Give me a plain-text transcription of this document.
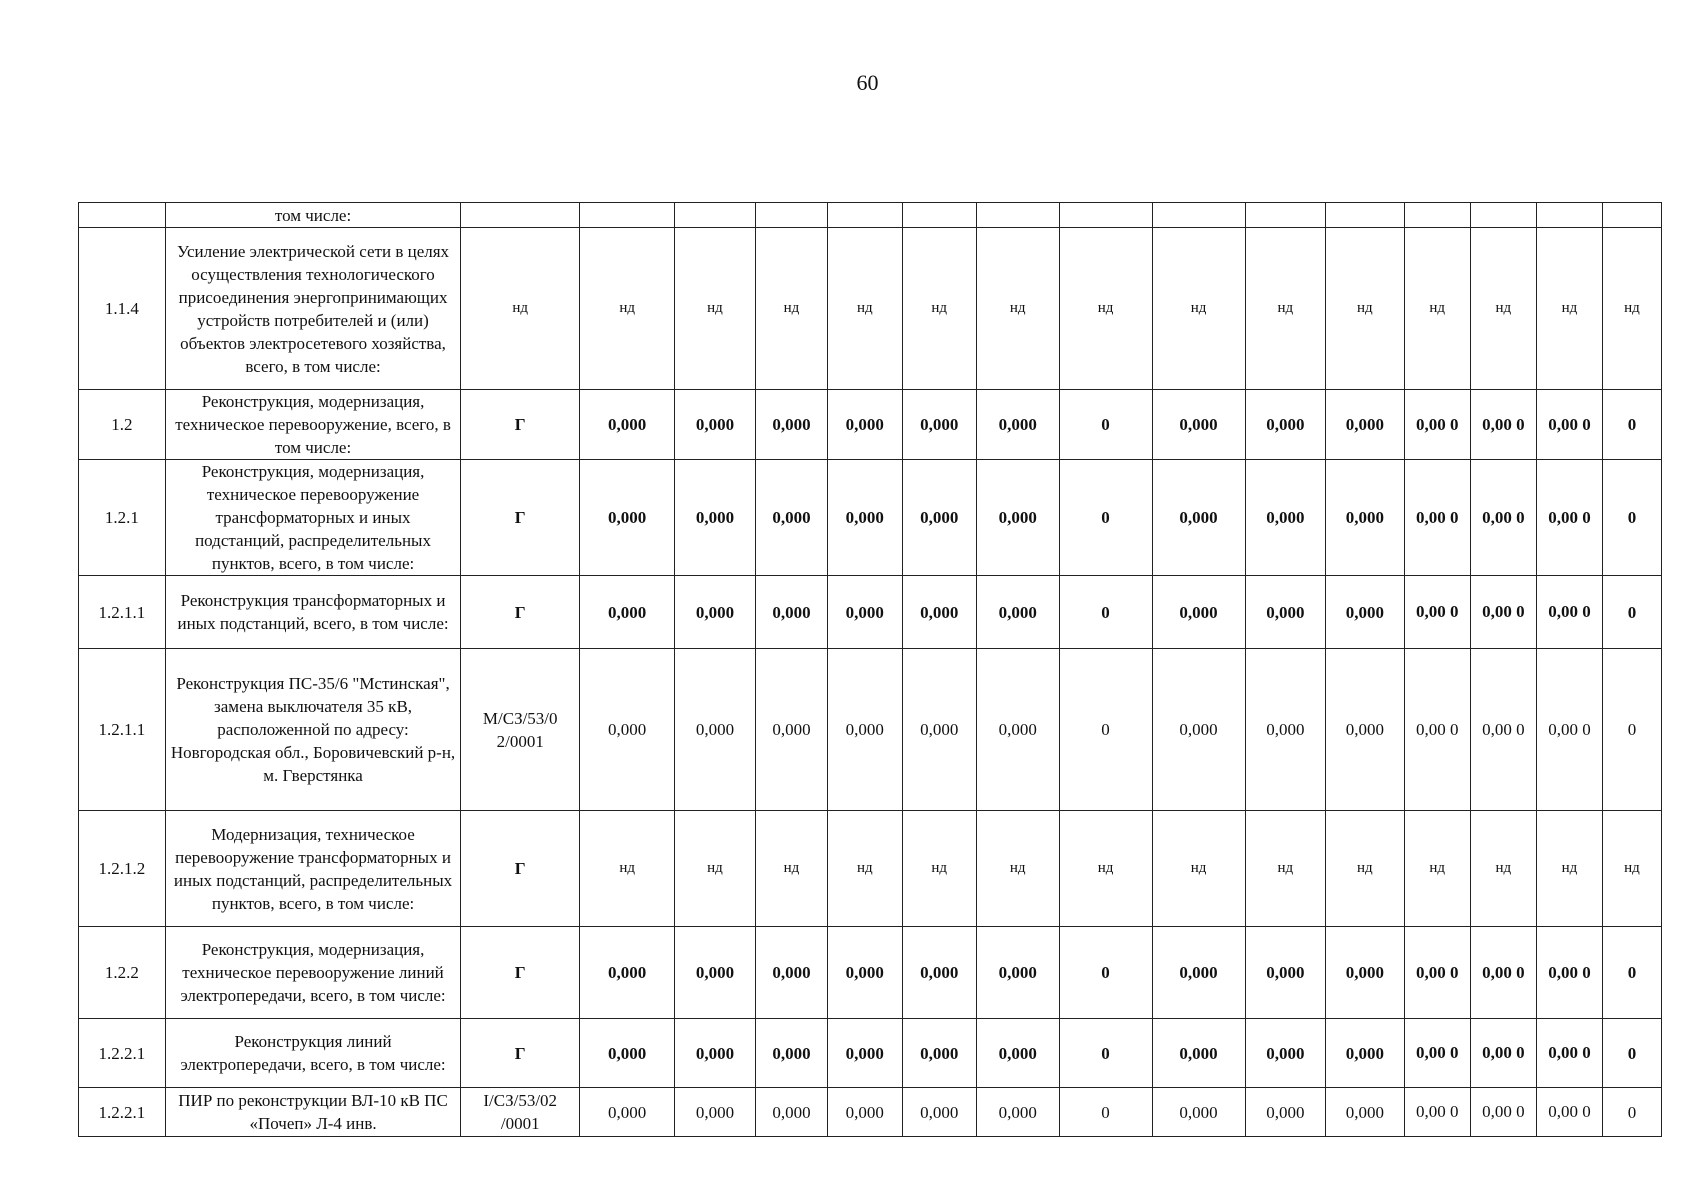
60
	том числе:															
1.1.4	Усиление электрической сети в целях осуществления технологического присоединения энергопринимающих устройств потребителей и (или) объектов электросетевого хозяйства, всего, в том числе:	нд	нд	нд	нд	нд	нд	нд	нд	нд	нд	нд	нд	нд	нд	нд
1.2	Реконструкция, модернизация, техническое перевооружение, всего, в том числе:	Г	0,000	0,000	0,000	0,000	0,000	0,000	0	0,000	0,000	0,000	0,00 0	0,00 0	0,00 0	0
1.2.1	Реконструкция, модернизация, техническое перевооружение трансформаторных и иных подстанций, распределительных пунктов, всего, в том числе:	Г	0,000	0,000	0,000	0,000	0,000	0,000	0	0,000	0,000	0,000	0,00 0	0,00 0	0,00 0	0
1.2.1.1	Реконструкция трансформаторных и иных подстанций, всего, в том числе:	Г	0,000	0,000	0,000	0,000	0,000	0,000	0	0,000	0,000	0,000	0,00 0	0,00 0	0,00 0	0
1.2.1.1	Реконструкция ПС-35/6 "Мстинская", замена выключателя 35 кВ, расположенной по адресу: Новгородская обл., Боровичевский р-н, м. Гверстянка	М/СЗ/53/0 2/0001	0,000	0,000	0,000	0,000	0,000	0,000	0	0,000	0,000	0,000	0,00 0	0,00 0	0,00 0	0
1.2.1.2	Модернизация, техническое перевооружение трансформаторных и иных подстанций, распределительных пунктов, всего, в том числе:	Г	нд	нд	нд	нд	нд	нд	нд	нд	нд	нд	нд	нд	нд	нд
1.2.2	Реконструкция, модернизация, техническое перевооружение линий электропередачи, всего, в том числе:	Г	0,000	0,000	0,000	0,000	0,000	0,000	0	0,000	0,000	0,000	0,00 0	0,00 0	0,00 0	0
1.2.2.1	Реконструкция линий электропередачи, всего, в том числе:	Г	0,000	0,000	0,000	0,000	0,000	0,000	0	0,000	0,000	0,000	0,00 0	0,00 0	0,00 0	0
1.2.2.1	ПИР по реконструкции ВЛ-10 кВ ПС «Почеп» Л-4 инв.	I/СЗ/53/02 /0001	0,000	0,000	0,000	0,000	0,000	0,000	0	0,000	0,000	0,000	0,00 0	0,00 0	0,00 0	0
